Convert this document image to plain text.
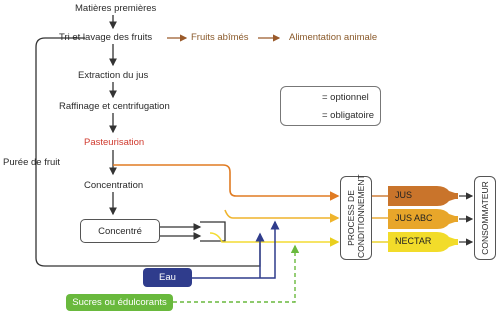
Matières premières
Tri et lavage des fruits	Fruits abîmés	Alimentation animale
Extraction du jus
Raffinage et centrifugation
Pasteurisation
Concentration
Purée de fruit
Concentré
Eau
Sucres ou édulcorants
= optionnel
= obligatoire
PROCESS DE CONDITIONNEMENT	CONSOMMATEUR
JUS
JUS ABC
NECTAR
